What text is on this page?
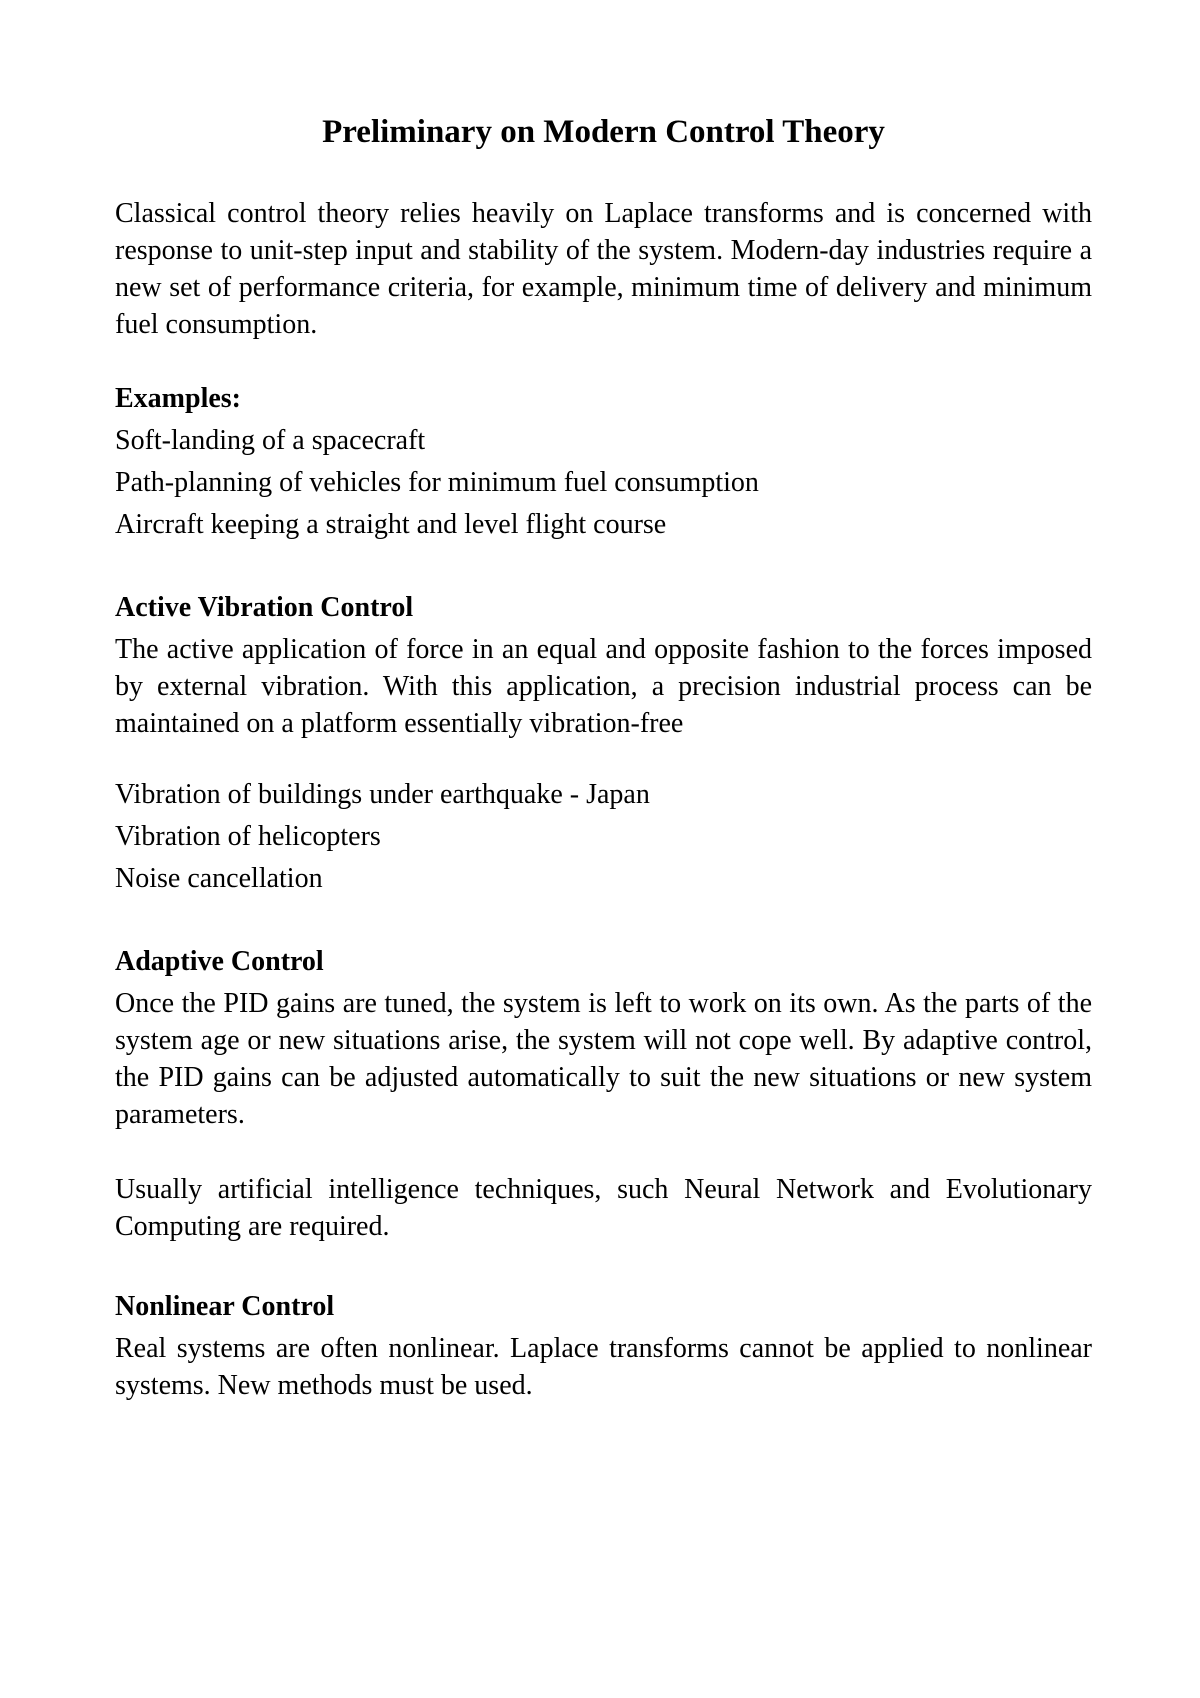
Preliminary on Modern Control Theory

Classical control theory relies heavily on Laplace transforms and is concerned with response to unit-step input and stability of the system. Modern-day industries require a new set of performance criteria, for example, minimum time of delivery and minimum fuel consumption.

Examples:
Soft-landing of a spacecraft
Path-planning of vehicles for minimum fuel consumption
Aircraft keeping a straight and level flight course
Active Vibration Control

The active application of force in an equal and opposite fashion to the forces imposed by external vibration. With this application, a precision industrial process can be maintained on a platform essentially vibration-free

Vibration of buildings under earthquake - Japan
Vibration of helicopters
Noise cancellation
Adaptive Control

Once the PID gains are tuned, the system is left to work on its own. As the parts of the system age or new situations arise, the system will not cope well. By adaptive control, the PID gains can be adjusted automatically to suit the new situations or new system parameters.

Usually artificial intelligence techniques, such Neural Network and Evolutionary Computing are required.

Nonlinear Control

Real systems are often nonlinear. Laplace transforms cannot be applied to nonlinear systems. New methods must be used.
